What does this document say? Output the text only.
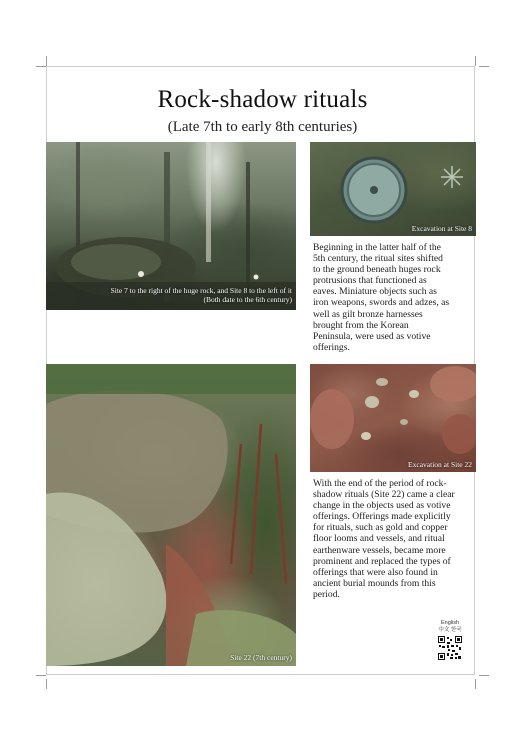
Rock-shadow rituals
(Late 7th to early 8th centuries)
Site 7 to the right of the huge rock, and Site 8 to the left of it
(Both date to the 6th century)
Excavation at Site 8
Beginning in the latter half of the
5th century, the ritual sites shifted
to the ground beneath huges rock
protrusions that functioned as
eaves. Miniature objects such as
iron weapons, swords and adzes, as
well as gilt bronze harnesses
brought from the Korean
Peninsula, were used as votive
offerings.
Site 22 (7th century)
Excavation at Site 22
With the end of the period of rock-
shadow rituals (Site 22) came a clear
change in the objects used as votive
offerings. Offerings made explicitly
for rituals, such as gold and copper
floor looms and vessels, and ritual
earthenware vessels, became more
prominent and replaced the types of
offerings that were also found in
ancient burial mounds from this
period.
English
中文 한국
